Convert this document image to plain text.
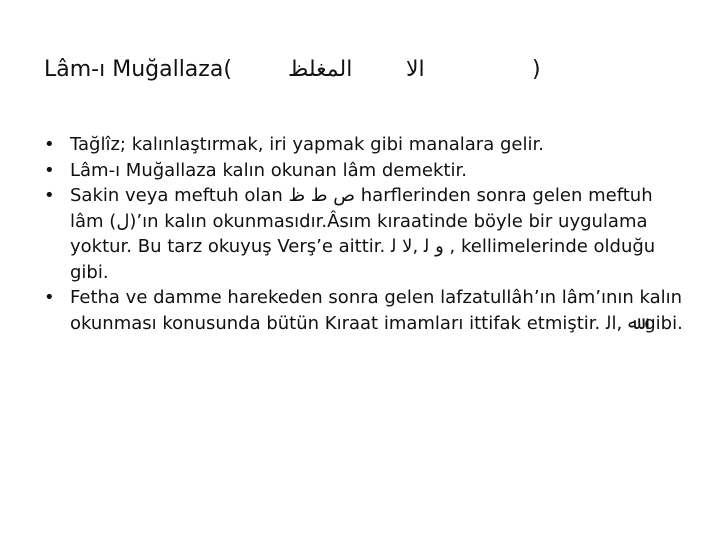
Lâm-ı Muğallaza(	المغلظ الا	)
• Tağlîz; kalınlaştırmak, iri yapmak gibi manalara gelir.
• Lâm-ı Muğallaza kalın okunan lâm demektir.
• Sakin veya meftuh olan ص ط ظ harflerinden sonra gelen meftuh lâm (ل)’ın kalın okunmasıdır.Âsım kıraatinde böyle bir uygulama yoktur. Bu tarz okuyuş Verş’e aittir. و ﻟ ,ﻻ ﻟ , kellimelerinde olduğu gibi.
• Fetha ve damme harekeden sonra gelen lafzatullâh’ın lâm’ının kalın okunması konusunda bütün Kıraat imamları ittifak etmiştir. ﷲ ,ﺍﻟ gibi.
